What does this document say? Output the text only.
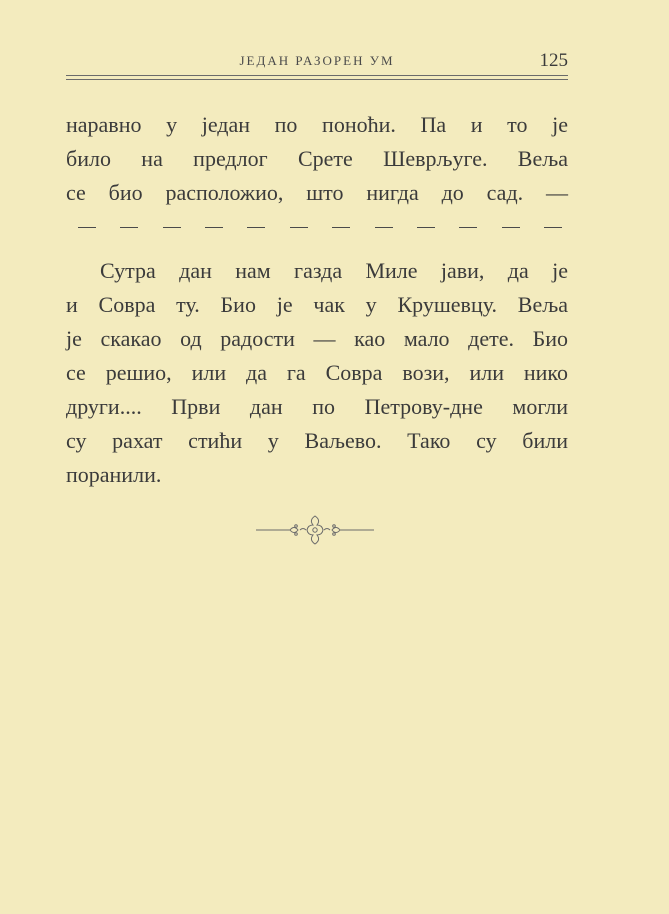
ЈЕДАН РАЗОРЕН УМ	125
наравно у један по поноћи. Па и то је
било на предлог Срете Шеврљуге. Веља
се био расположио, што нигда до сад. —
Сутра дан нам газда Миле јави, да је
и Совра ту. Био је чак у Крушевцу. Веља
је скакао од радости — као мало дете. Био
се решио, или да га Совра вози, или нико
други.... Први дан по Петрову-дне могли
су рахат стићи у Ваљево. Тако су били
поранили.
